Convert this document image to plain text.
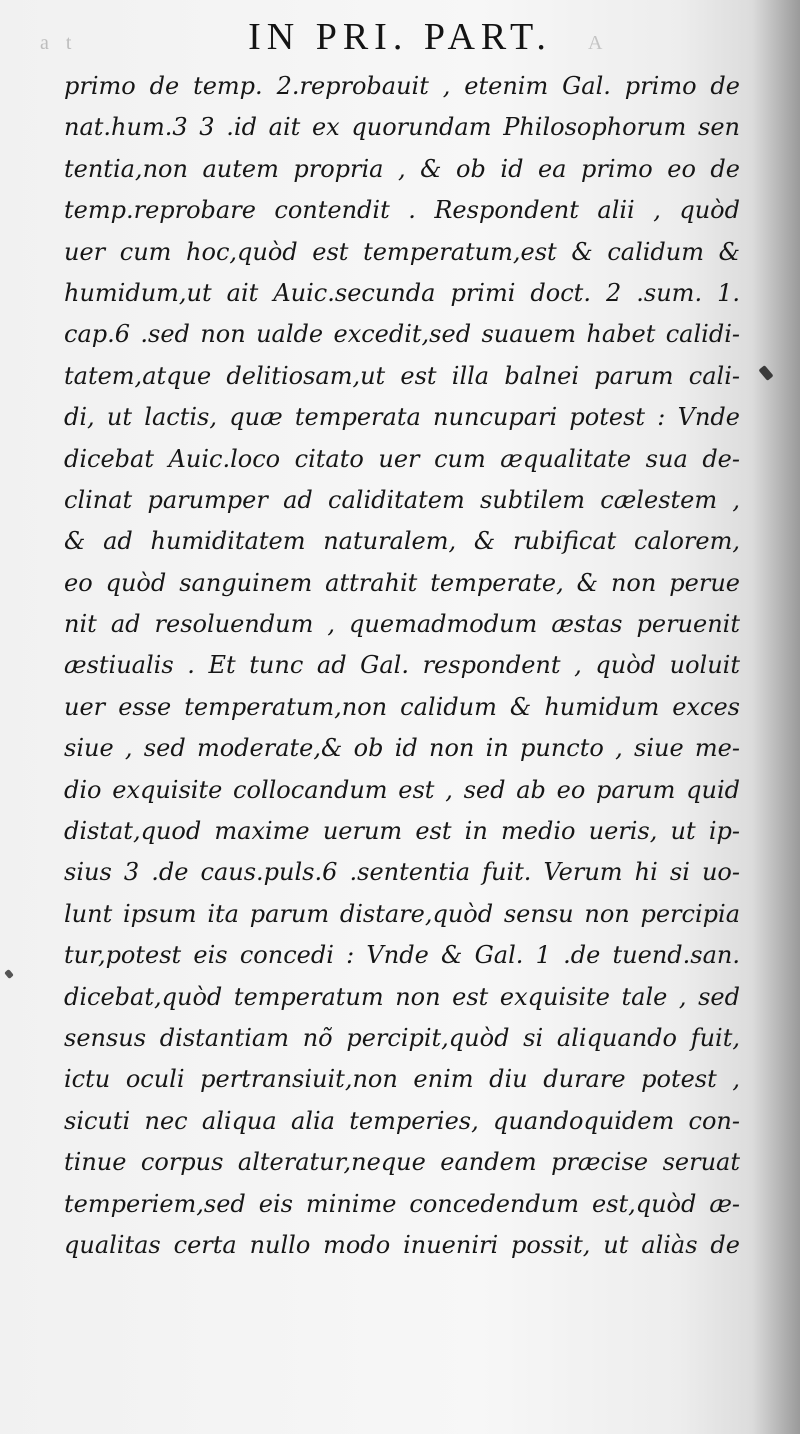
a t	IN PRI. PART. A
primo de temp. 2.reprobauit , etenim Gal. primo de
nat.hum.3 3 .id ait ex quorundam Philosophorum sen
tentia,non autem propria , & ob id ea primo eo de
temp.reprobare contendit . Respondent alii , quòd
uer cum hoc,quòd est temperatum,est & calidum &
humidum,ut ait Auic.secunda primi doct. 2 .sum. 1.
cap.6 .sed non ualde excedit,sed suauem habet calidi-
tatem,atque delitiosam,ut est illa balnei parum cali-
di, ut lactis, quæ temperata nuncupari potest : Vnde
dicebat Auic.loco citato uer cum æqualitate sua de-
clinat parumper ad caliditatem subtilem cælestem ,
& ad humiditatem naturalem, & rubificat calorem,
eo quòd sanguinem attrahit temperate, & non perue
nit ad resoluendum , quemadmodum æstas peruenit
æstiualis . Et tunc ad Gal. respondent , quòd uoluit
uer esse temperatum,non calidum & humidum exces
siue , sed moderate,& ob id non in puncto , siue me-
dio exquisite collocandum est , sed ab eo parum quid
distat,quod maxime uerum est in medio ueris, ut ip-
sius 3 .de caus.puls.6 .sententia fuit. Verum hi si uo-
lunt ipsum ita parum distare,quòd sensu non percipia
tur,potest eis concedi : Vnde & Gal. 1 .de tuend.san.
dicebat,quòd temperatum non est exquisite tale , sed
sensus distantiam nõ percipit,quòd si aliquando fuit,
ictu oculi pertransiuit,non enim diu durare potest ,
sicuti nec aliqua alia temperies, quandoquidem con-
tinue corpus alteratur,neque eandem præcise seruat
temperiem,sed eis minime concedendum est,quòd æ-
qualitas certa nullo modo inueniri possit, ut aliàs de
